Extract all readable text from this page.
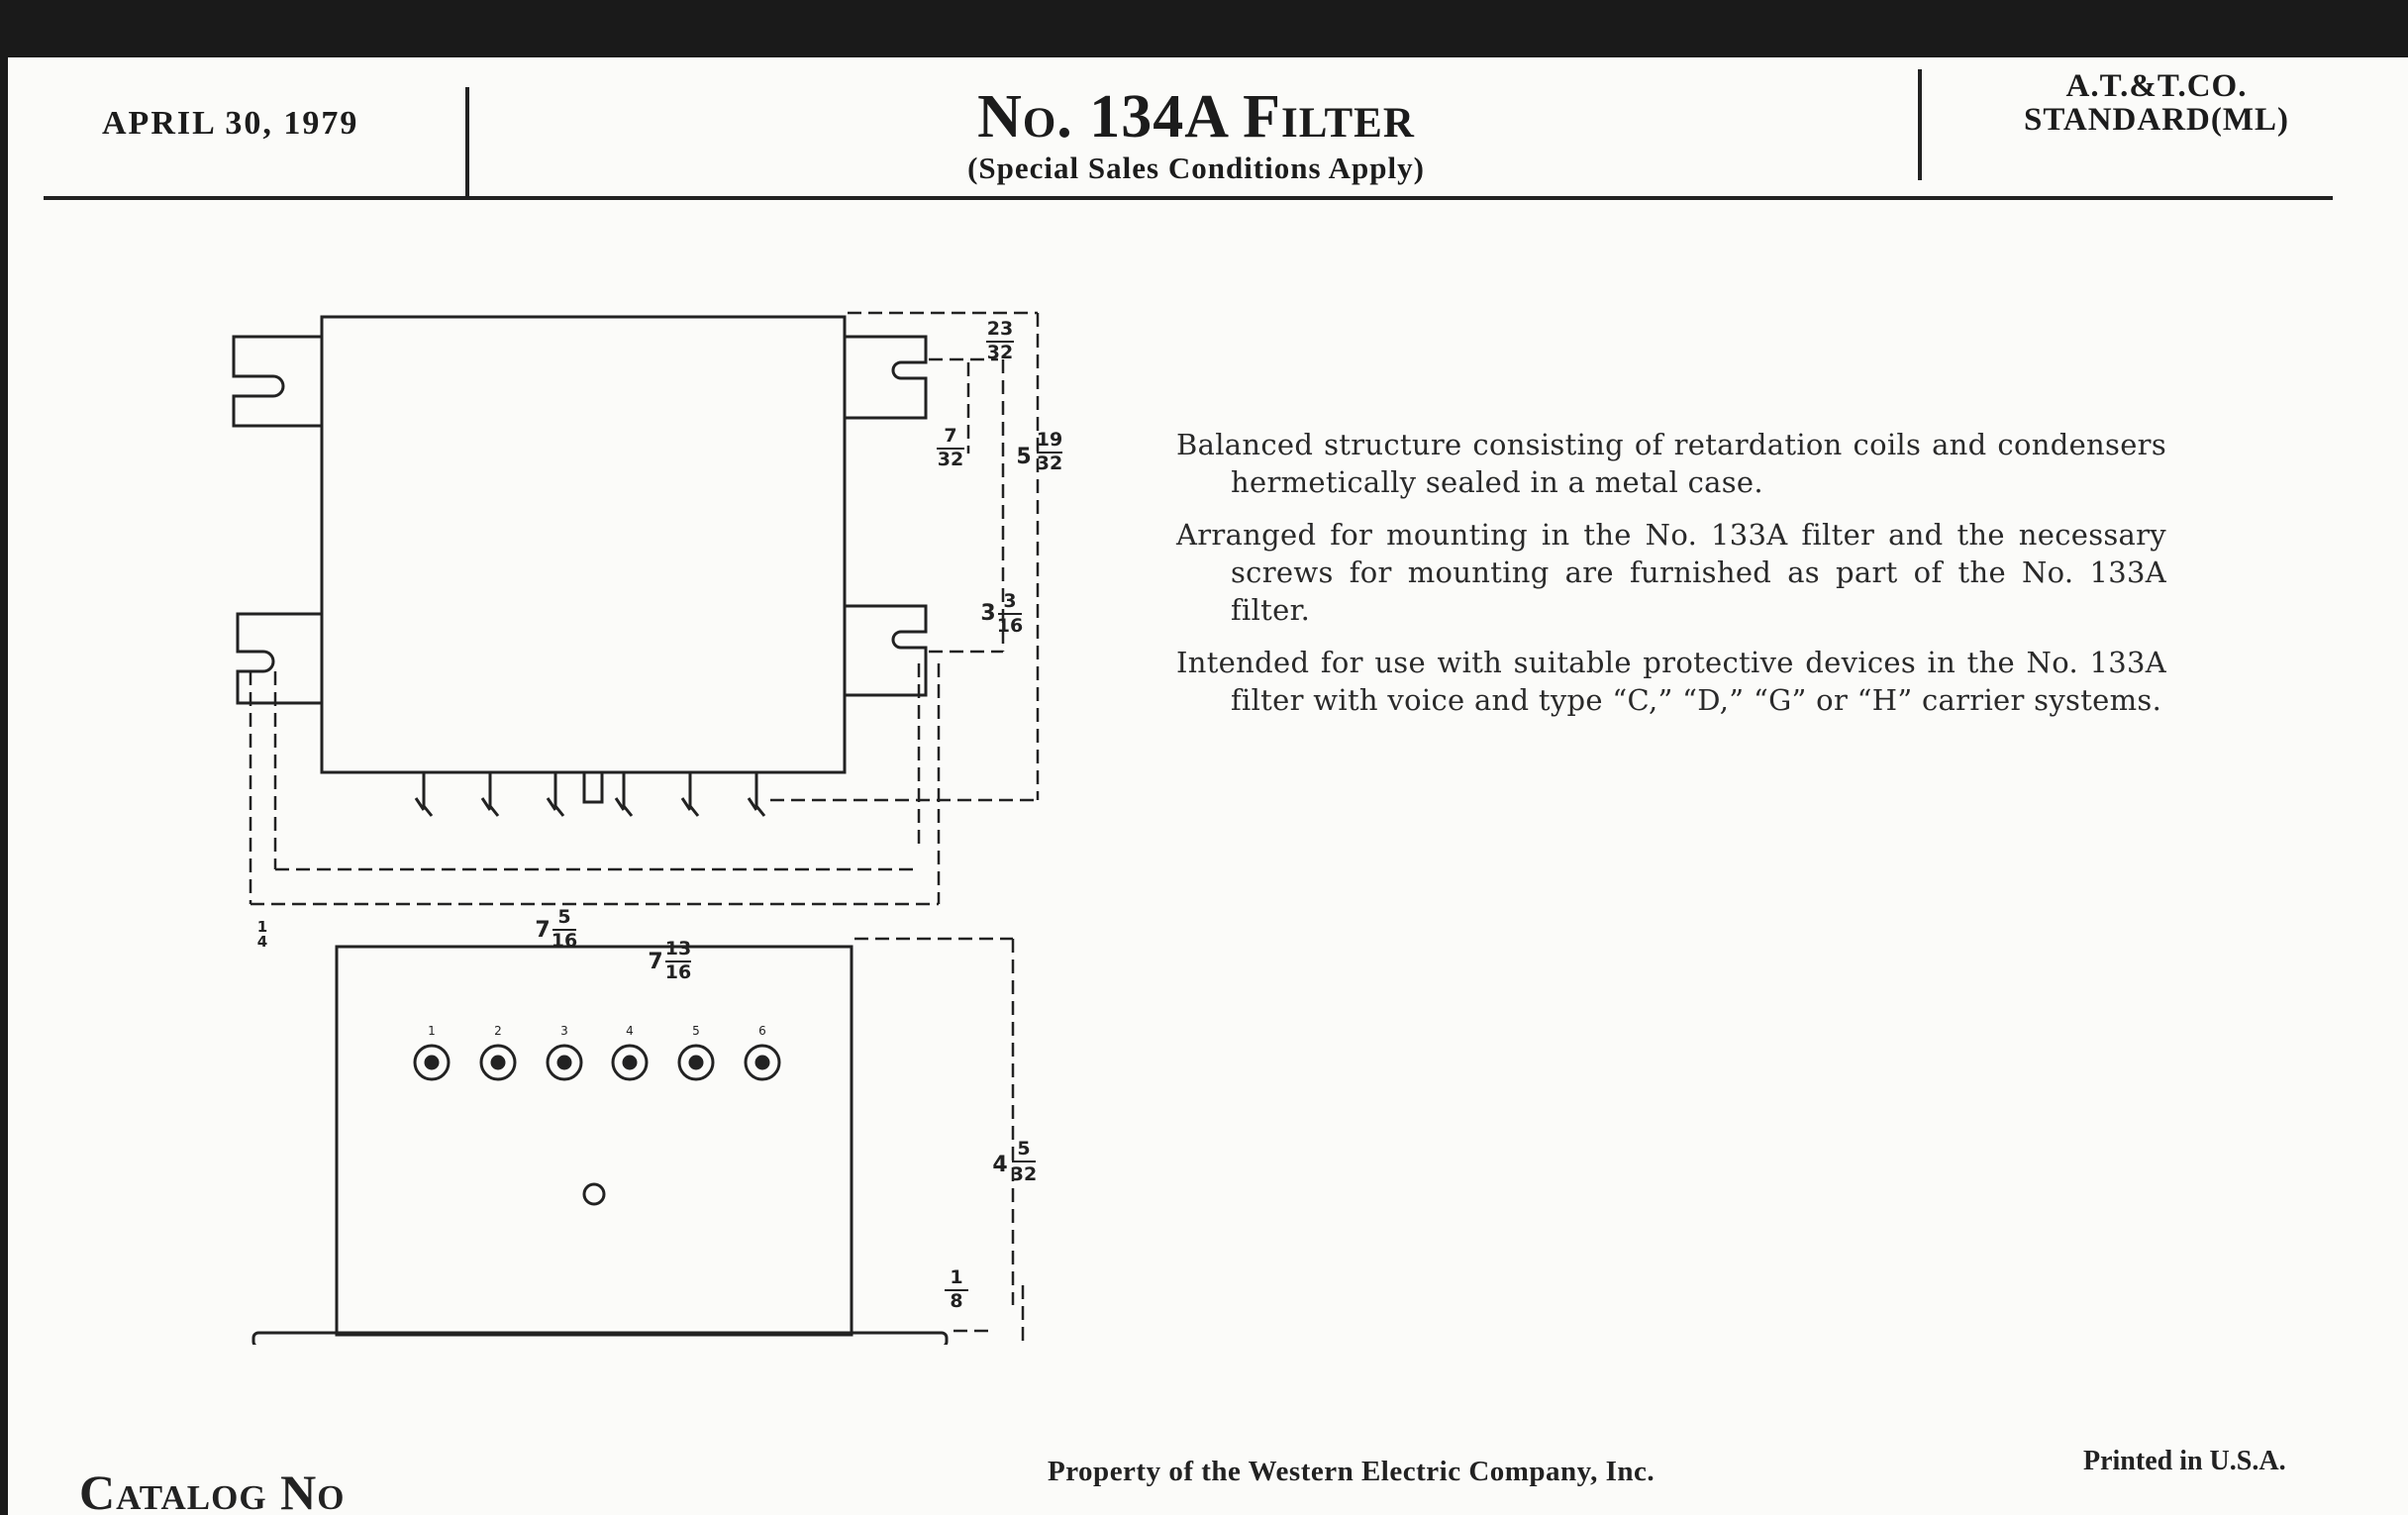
APRIL 30, 1979	No. 134A Filter
(Special Sales Conditions Apply)
A.T.&T.CO.
STANDARD(ML)
1	2	3	4	5	6
23
32
7
32 5
19
32
3 3
16
7
5
16
7
13
16
1
4
4
5
32
1
8

Balanced structure consisting of retardation coils and condensers hermetically sealed in a metal case.

Arranged for mounting in the No. 133A filter and the necessary screws for mounting are furnished as part of the No. 133A filter.

Intended for use with suitable protective devices in the No. 133A filter with voice and type “C,” “D,” “G” or “H” carrier systems.

Catalog No	Property of the Western Electric Company, Inc.	Printed in U.S.A.
